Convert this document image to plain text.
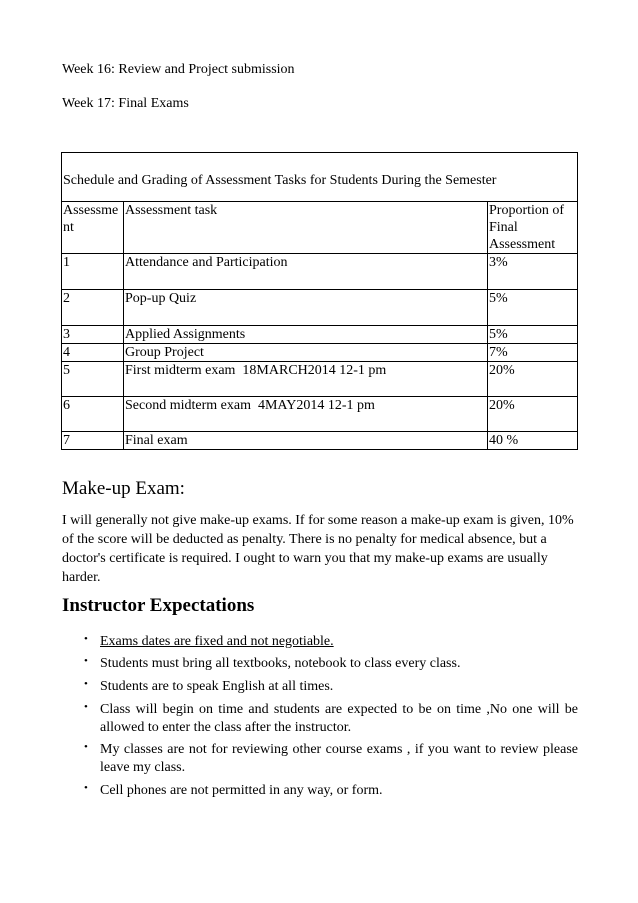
Week 16: Review and Project submission
Week 17: Final Exams
Schedule and Grading of Assessment Tasks for Students During the Semester		

Assessment	Assessment task	Proportion of Final Assessment
1	Attendance and Participation	3%
2	Pop-up Quiz	5%
3	Applied Assignments	5%
4	Group Project	7%
5	First midterm exam  18MARCH2014 12-1 pm	20%
6	Second midterm exam  4MAY2014 12-1 pm	20%
7	Final exam	40 %
Make-up Exam:

I will generally not give make-up exams. If for some reason a make-up exam is given, 10% of the score will be deducted as penalty. There is no penalty for medical absence, but a doctor's certificate is required. I ought to warn you that my make-up exams are usually harder.

Instructor Expectations
• Exams dates are fixed and not negotiable.
• Students must bring all textbooks, notebook to class every class.
• Students are to speak English at all times.
• Class will begin on time and students are expected to be on time ,No one will be allowed to enter the class after the instructor.
• My classes are not for reviewing other course exams , if you want to review please leave my class.
• Cell phones are not permitted in any way, or form.
